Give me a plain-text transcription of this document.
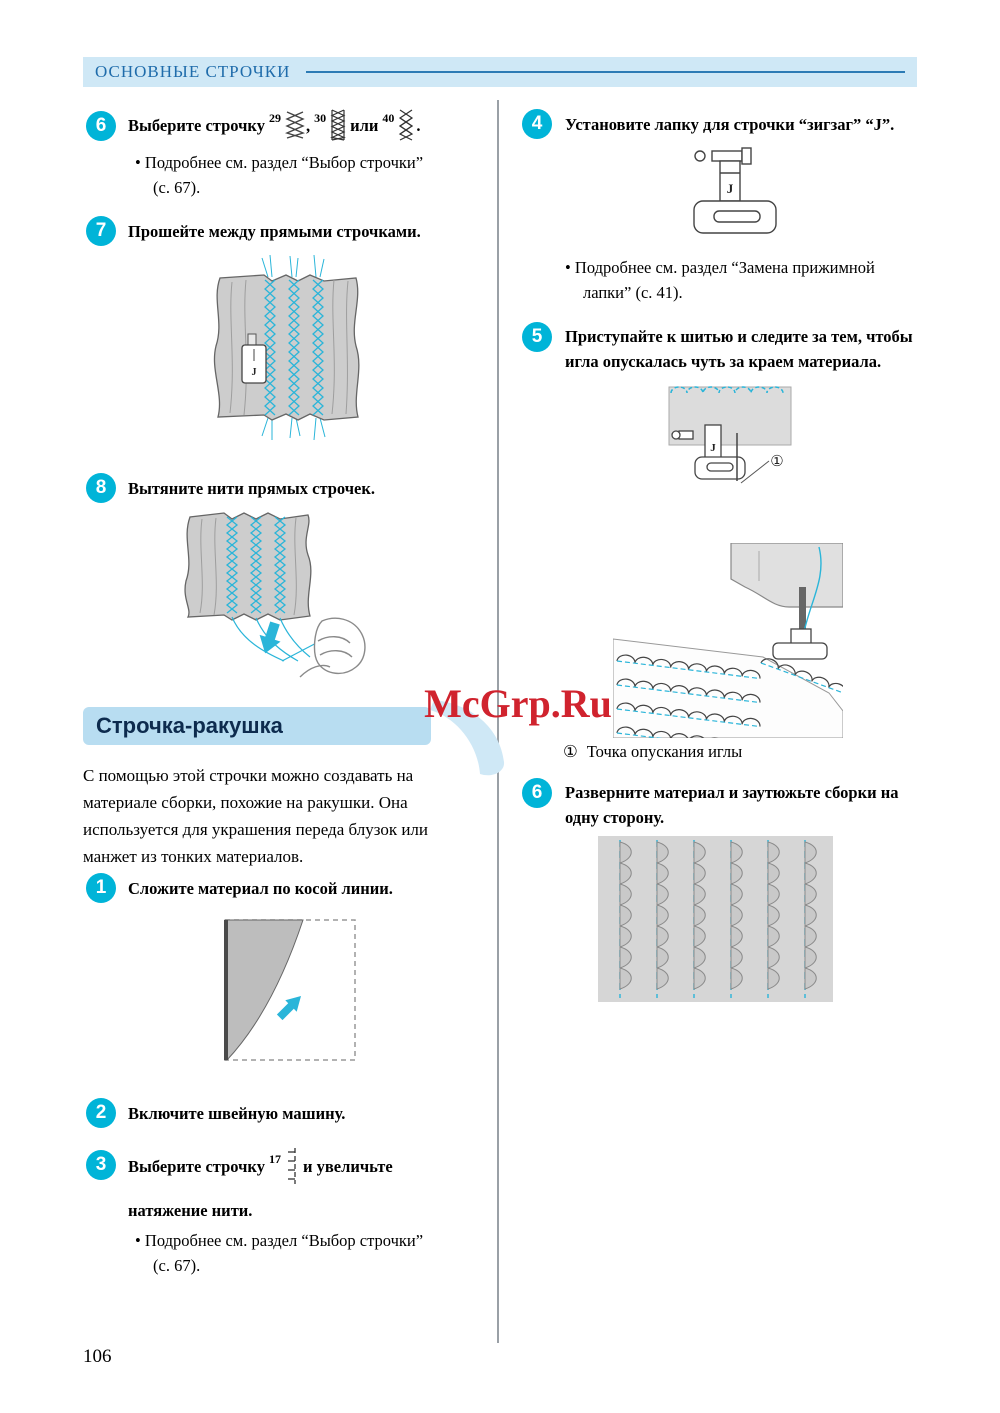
ОСНОВНЫЕ СТРОЧКИ
6	Выберите строчку 29 , 30 или 40 .
• Подробнее см. раздел “Выбор строчки”
(с. 67).
7	Прошейте между прямыми строчками.
J
8	Вытяните нити прямых строчек.
McGrp.Ru
Строчка-ракушка
С помощью этой строчки можно создавать на
материале сборки, похожие на ракушки. Она
используется для украшения переда блузок или
манжет из тонких материалов.
1	Сложите материал по косой линии.
2	Включите швейную машину.
3	Выберите строчку 17 и увеличьте
натяжение нити.
• Подробнее см. раздел “Выбор строчки”
(с. 67).
106
4	Установите лапку для строчки “зигзаг” “J”.
J
• Подробнее см. раздел “Замена прижимной
лапки” (с. 41).
5	Приступайте к шитью и следите за тем, чтобы
игла опускалась чуть за краем материала.
J
①
① Точка опускания иглы
6	Разверните материал и заутюжьте сборки на
одну сторону.
